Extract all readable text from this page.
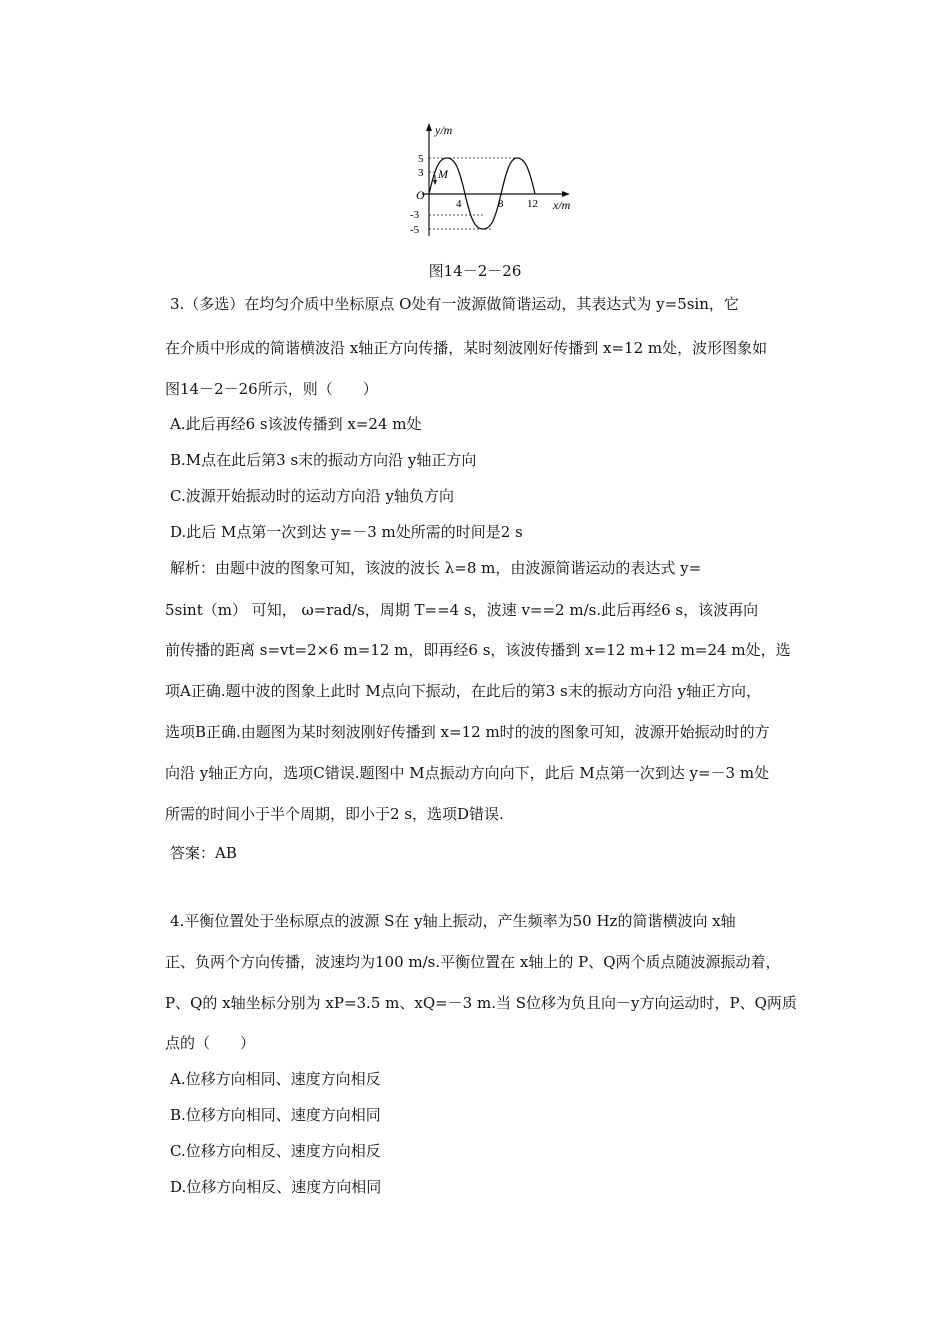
y/m
x/m
O
M
5
3
-3
-5
4	8 12
图14－2－26
3.（多选）在均匀介质中坐标原点 O处有一波源做简谐运动，其表达式为 y=5sin，它
在介质中形成的简谐横波沿 x轴正方向传播，某时刻波刚好传播到 x=12 m处，波形图象如
图14－2－26所示，则（　　）
A.此后再经6 s该波传播到 x=24 m处
B.M点在此后第3 s末的振动方向沿 y轴正方向
C.波源开始振动时的运动方向沿 y轴负方向
D.此后 M点第一次到达 y=－3 m处所需的时间是2 s
解析：由题中波的图象可知，该波的波长 λ=8 m，由波源简谐运动的表达式 y=
5sint（m） 可知， ω=rad/s，周期 T==4 s，波速 v==2 m/s.此后再经6 s，该波再向
前传播的距离 s=vt=2×6 m=12 m，即再经6 s，该波传播到 x=12 m+12 m=24 m处，选
项A正确.题中波的图象上此时 M点向下振动，在此后的第3 s末的振动方向沿 y轴正方向，
选项B正确.由题图为某时刻波刚好传播到 x=12 m时的波的图象可知，波源开始振动时的方
向沿 y轴正方向，选项C错误.题图中 M点振动方向向下，此后 M点第一次到达 y=－3 m处
所需的时间小于半个周期，即小于2 s，选项D错误.
答案：AB
4.平衡位置处于坐标原点的波源 S在 y轴上振动，产生频率为50 Hz的简谐横波向 x轴
正、负两个方向传播，波速均为100 m/s.平衡位置在 x轴上的 P、Q两个质点随波源振动着，
P、Q的 x轴坐标分别为 xP=3.5 m、xQ=－3 m.当 S位移为负且向－y方向运动时，P、Q两质
点的（　　）
A.位移方向相同、速度方向相反
B.位移方向相同、速度方向相同
C.位移方向相反、速度方向相反
D.位移方向相反、速度方向相同
